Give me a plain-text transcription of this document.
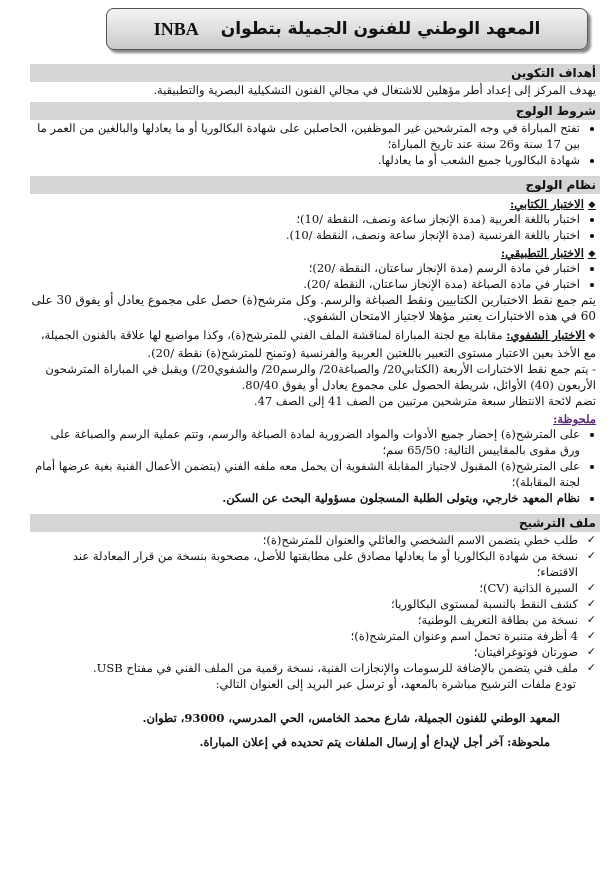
المعهد الوطني للفنون الجميلة بتطوان
INBA
أهداف التكوين

يهدف المركز إلى إعداد أطر مؤهلين للاشتغال في مجالي الفنون التشكيلية البصرية والتطبيقية.

شروط الولوج
• تفتح المباراة في وجه المترشحين غير الموظفين، الحاصلين على شهادة البكالوريا أو ما يعادلها والبالغين من العمر ما بين 17 سنة و26 سنة عند تاريخ المباراة؛
• شهادة البكالوريا جميع الشعب أو ما يعادلها.
نظام الولوج
❖الاختبار الكتابي:
• اختبار باللغة العربية (مدة الإنجاز ساعة ونصف، النقطة /10)؛
• اختبار باللغة الفرنسية (مدة الإنجاز ساعة ونصف، النقطة /10).
❖الاختبار التطبيقي:
• اختبار في مادة الرسم (مدة الإنجاز ساعتان، النقطة /20)؛
• اختبار في مادة الصباغة (مدة الإنجاز ساعتان، النقطة /20).

يتم جمع نقط الاختبارين الكتابيين ونقط الصباغة والرسم. وكل مترشح(ة) حصل على مجموع يعادل أو يفوق 30 على 60 في هذه الاختبارات يعتبر مؤهلا لاجتياز الامتحان الشفوي.

❖ الاختبار الشفوي: مقابلة مع لجنة المباراة لمناقشة الملف الفني للمترشح(ة)، وكذا مواضيع لها علاقة بالفنون الجميلة، مع الأخذ بعين الاعتبار مستوى التعبير باللغتين العربية والفرنسية (وتمنح للمترشح(ة) نقطة /20).

- يتم جمع نقط الاختبارات الأربعة (الكتابي20/ والصباغة20/ والرسم20/ والشفوي20/) ويقبل في المباراة المترشحون الأربعون (40) الأوائل، شريطة الحصول على مجموع يعادل أو يفوق 80/40.

تضم لائحة الانتظار سبعة مترشحين مرتبين من الصف 41 إلى الصف 47.

ملحوظة:
• على المترشح(ة) إحضار جميع الأدوات والمواد الضرورية لمادة الصباغة والرسم، وتتم عملية الرسم والصباغة على ورق مقوى بالمقاييس التالية: 65/50 سم؛
• على المترشح(ة) المقبول لاجتياز المقابلة الشفوية أن يحمل معه ملفه الفني (يتضمن الأعمال الفنية بغية عرضها أمام لجنة المقابلة)؛
• نظام المعهد خارجي، ويتولى الطلبة المسجلون مسؤولية البحث عن السكن.
ملف الترشيح
✓ طلب خطي يتضمن الاسم الشخصي والعائلي والعنوان للمترشح(ة)؛
✓ نسخة من شهادة البكالوريا أو ما يعادلها مصادق على مطابقتها للأصل، مصحوبة بنسخة من قرار المعادلة عند الاقتضاء؛
✓ السيرة الذاتية (CV)؛
✓ كشف النقط بالنسبة لمستوى البكالوريا؛
✓ نسخة من بطاقة التعريف الوطنية؛
✓ 4 أظرفة متنبرة تحمل اسم وعنوان المترشح(ة)؛
✓ صورتان فوتوغرافيتان؛
✓ ملف فني يتضمن بالإضافة للرسومات والإنجازات الفنية، نسخة رقمية من الملف الفني في مفتاح USB.

تودع ملفات الترشيح مباشرة بالمعهد، أو ترسل عبر البريد إلى العنوان التالي:

المعهد الوطني للفنون الجميلة، شارع محمد الخامس، الحي المدرسي، 93000، تطوان.

ملحوظة: آخر أجل لإيداع أو إرسال الملفات يتم تحديده في إعلان المباراة.
